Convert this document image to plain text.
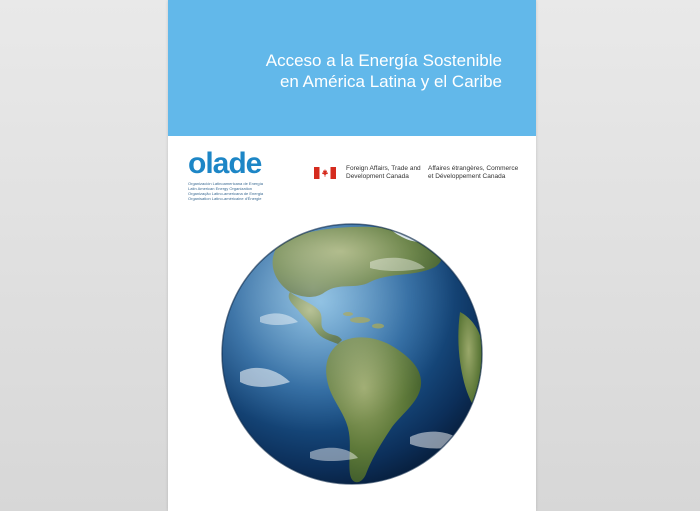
Acceso a la Energía Sostenible
en América Latina y el Caribe
olade
Organización Latinoamericana de Energía
Latin American Energy Organization
Organização Latino-americana de Energia
Organisation Latino-américaine d'Énergie
Foreign Affairs, Trade and
Development Canada
Affaires étrangères, Commerce
et Développement Canada
